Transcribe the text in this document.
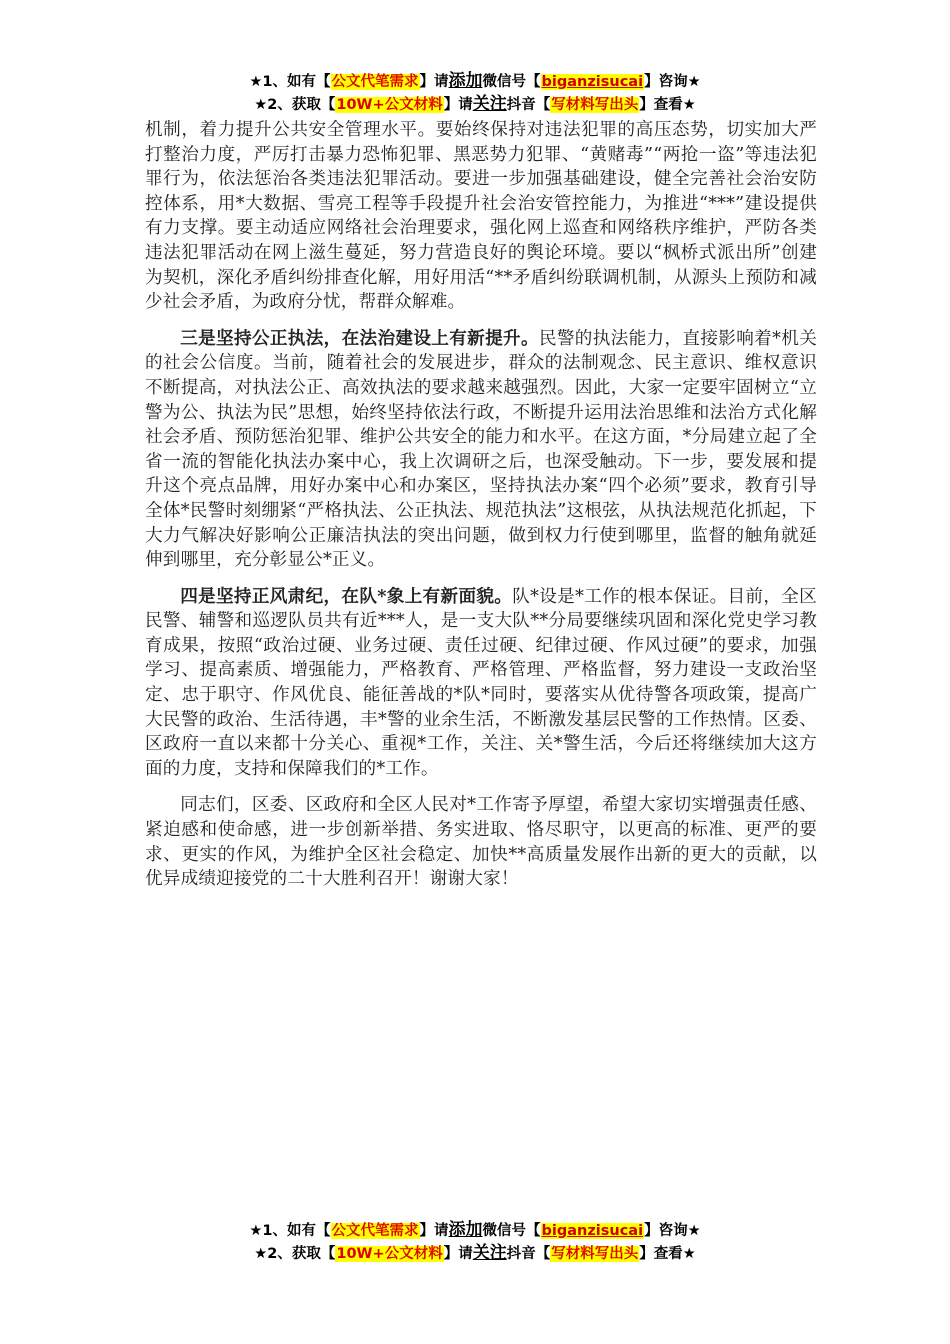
★1、如有【公文代笔需求】请添加微信号【biganzisucai】咨询★
★2、获取【10W+公文材料】请关注抖音【写材料写出头】查看★

机制，着力提升公共安全管理水平。要始终保持对违法犯罪的高压态势，切实加大严打整治力度，严厉打击暴力恐怖犯罪、黑恶势力犯罪、“黄赌毒”“两抢一盗”等违法犯罪行为，依法惩治各类违法犯罪活动。要进一步加强基础建设，健全完善社会治安防控体系，用*大数据、雪亮工程等手段提升社会治安管控能力，为推进“***”建设提供有力支撑。要主动适应网络社会治理要求，强化网上巡查和网络秩序维护，严防各类违法犯罪活动在网上滋生蔓延，努力营造良好的舆论环境。要以“枫桥式派出所”创建为契机，深化矛盾纠纷排查化解，用好用活“**矛盾纠纷联调机制，从源头上预防和减少社会矛盾，为政府分忧，帮群众解难。

三是坚持公正执法，在法治建设上有新提升。民警的执法能力，直接影响着*机关的社会公信度。当前，随着社会的发展进步，群众的法制观念、民主意识、维权意识不断提高，对执法公正、高效执法的要求越来越强烈。因此，大家一定要牢固树立“立警为公、执法为民”思想，始终坚持依法行政，不断提升运用法治思维和法治方式化解社会矛盾、预防惩治犯罪、维护公共安全的能力和水平。在这方面，*分局建立起了全省一流的智能化执法办案中心，我上次调研之后，也深受触动。下一步，要发展和提升这个亮点品牌，用好办案中心和办案区，坚持执法办案“四个必须”要求，教育引导全体*民警时刻绷紧“严格执法、公正执法、规范执法”这根弦，从执法规范化抓起，下大力气解决好影响公正廉洁执法的突出问题，做到权力行使到哪里，监督的触角就延伸到哪里，充分彰显公*正义。

四是坚持正风肃纪，在队*象上有新面貌。队*设是*工作的根本保证。目前，全区民警、辅警和巡逻队员共有近***人，是一支大队**分局要继续巩固和深化党史学习教育成果，按照“政治过硬、业务过硬、责任过硬、纪律过硬、作风过硬”的要求，加强学习、提高素质、增强能力，严格教育、严格管理、严格监督，努力建设一支政治坚定、忠于职守、作风优良、能征善战的*队*同时，要落实从优待警各项政策，提高广大民警的政治、生活待遇，丰*警的业余生活，不断激发基层民警的工作热情。区委、区政府一直以来都十分关心、重视*工作，关注、关*警生活，今后还将继续加大这方面的力度，支持和保障我们的*工作。

同志们，区委、区政府和全区人民对*工作寄予厚望，希望大家切实增强责任感、紧迫感和使命感，进一步创新举措、务实进取、恪尽职守，以更高的标准、更严的要求、更实的作风，为维护全区社会稳定、加快**高质量发展作出新的更大的贡献，以优异成绩迎接党的二十大胜利召开！谢谢大家！

★1、如有【公文代笔需求】请添加微信号【biganzisucai】咨询★
★2、获取【10W+公文材料】请关注抖音【写材料写出头】查看★
